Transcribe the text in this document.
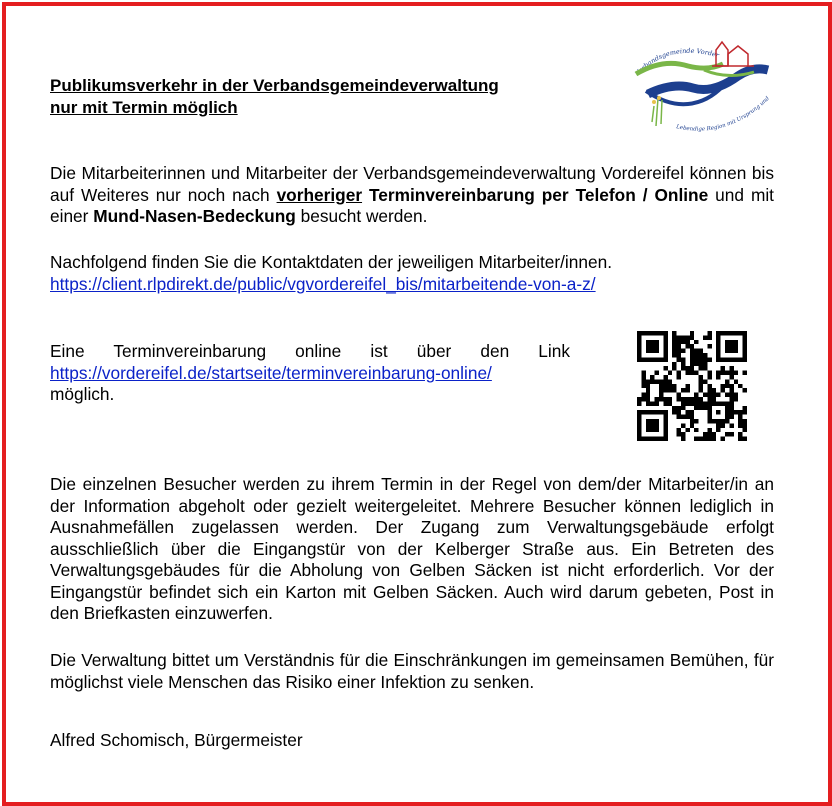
Publikumsverkehr in der Verbandsgemeindeverwaltung
nur mit Termin möglich
Verbandsgemeinde Vorder
∿
Lebendige Region mit Ursprung und
Die Mitarbeiterinnen und Mitarbeiter der Verbandsgemeindeverwaltung Vordereifel können bis auf Weiteres nur noch nach vorheriger Terminvereinbarung per Telefon / Online und mit einer Mund-Nasen-Bedeckung besucht werden.
Nachfolgend finden Sie die Kontaktdaten der jeweiligen Mitarbeiter/innen.
https://client.rlpdirekt.de/public/vgvordereifel_bis/mitarbeitende-von-a-z/
Eine Terminvereinbarung online ist über den Link
https://vordereifel.de/startseite/terminvereinbarung-online/
möglich.
Die einzelnen Besucher werden zu ihrem Termin in der Regel von dem/der Mitarbeiter/in an der Information abgeholt oder gezielt weitergeleitet. Mehrere Besucher können lediglich in Ausnahmefällen zugelassen werden. Der Zugang zum Verwaltungsgebäude erfolgt ausschließlich über die Eingangstür von der Kelberger Straße aus. Ein Betreten des Verwaltungsgebäudes für die Abholung von Gelben Säcken ist nicht erforderlich. Vor der Eingangstür befindet sich ein Karton mit Gelben Säcken. Auch wird darum gebeten, Post in den Briefkasten einzuwerfen.
Die Verwaltung bittet um Verständnis für die Einschränkungen im gemeinsamen Bemühen, für möglichst viele Menschen das Risiko einer Infektion zu senken.
Alfred Schomisch, Bürgermeister
